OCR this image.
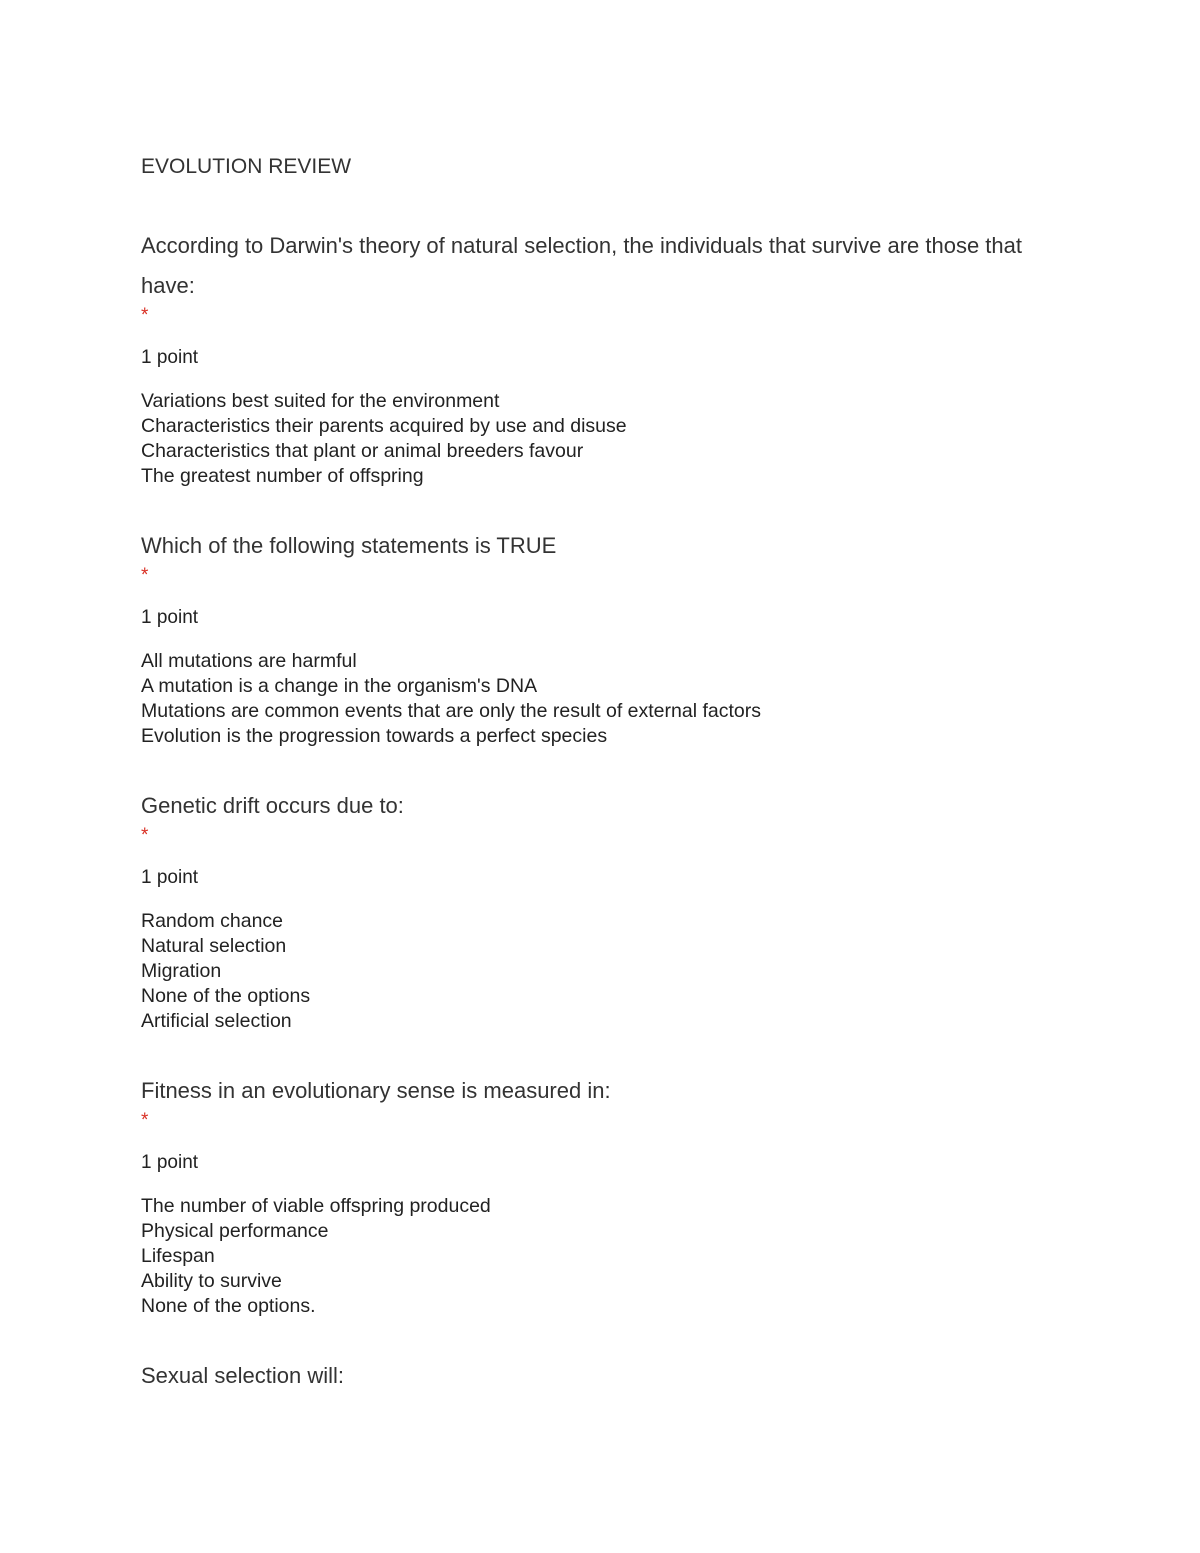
EVOLUTION REVIEW

According to Darwin's theory of natural selection, the individuals that survive are those that have:

*
1 point
Variations best suited for the environment
Characteristics their parents acquired by use and disuse
Characteristics that plant or animal breeders favour
The greatest number of offspring

Which of the following statements is TRUE

*
1 point
All mutations are harmful
A mutation is a change in the organism's DNA
Mutations are common events that are only the result of external factors
Evolution is the progression towards a perfect species

Genetic drift occurs due to:

*
1 point
Random chance
Natural selection
Migration
None of the options
Artificial selection

Fitness in an evolutionary sense is measured in:

*
1 point
The number of viable offspring produced
Physical performance
Lifespan
Ability to survive
None of the options.

Sexual selection will:
